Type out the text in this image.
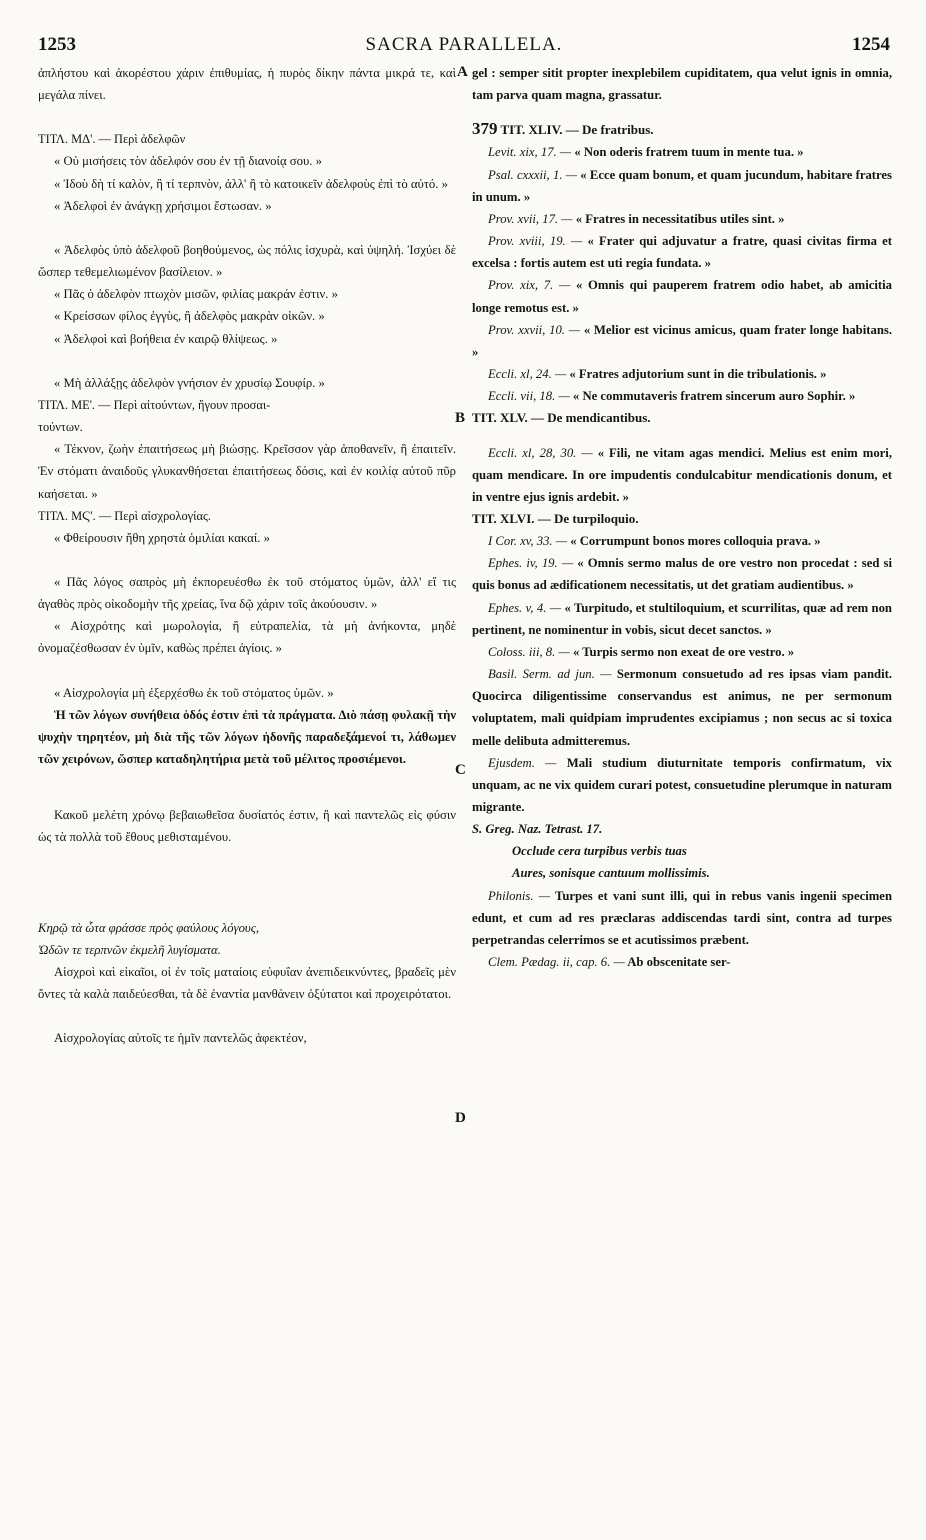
1253	SACRA PARALLELA.	1254
A
B
C
D

ἀπλήστου καὶ ἀκορέστου χάριν ἐπιθυμίας, ἡ πυρὸς δίκην πάντα μικρά τε, καὶ μεγάλα πίνει.

ΤΙΤΛ. ΜΔ'. — Περὶ ἀδελφῶν

« Οὐ μισήσεις τὸν ἀδελφόν σου ἐν τῇ διανοίᾳ σου. »

« Ἰδοὺ δὴ τί καλὸν, ἢ τί τερπνὸν, ἀλλ' ἢ τὸ κατοικεῖν ἀδελφοὺς ἐπὶ τὸ αὐτό. »

« Ἀδελφοὶ ἐν ἀνάγκῃ χρήσιμοι ἔστωσαν. »

« Ἀδελφὸς ὑπὸ ἀδελφοῦ βοηθούμενος, ὡς πόλις ἰσχυρὰ, καὶ ὑψηλή. Ἰσχύει δὲ ὥσπερ τεθεμελιωμένον βασίλειον. »

« Πᾶς ὁ ἀδελφὸν πτωχὸν μισῶν, φιλίας μακράν ἐστιν. »

« Κρείσσων φίλος ἐγγὺς, ἢ ἀδελφὸς μακρὰν οἰκῶν. »

« Ἀδελφοὶ καὶ βοήθεια ἐν καιρῷ θλίψεως. »

« Μὴ ἀλλάξῃς ἀδελφὸν γνήσιον ἐν χρυσίῳ Σουφίρ. »

ΤΙΤΛ. ΜΕ'. — Περὶ αἰτούντων, ἤγουν προσαι-
τούντων.

« Τέκνον, ζωὴν ἐπαιτήσεως μὴ βιώσῃς. Κρεῖσσον γὰρ ἀποθανεῖν, ἢ ἐπαιτεῖν. Ἐν στόματι ἀναιδοῦς γλυκανθήσεται ἐπαιτήσεως δόσις, καὶ ἐν κοιλίᾳ αὐτοῦ πῦρ καήσεται. »

ΤΙΤΛ. ΜϚ'. — Περὶ αἰσχρολογίας.

« Φθείρουσιν ἤθη χρηστὰ ὁμιλίαι κακαί. »

« Πᾶς λόγος σαπρὸς μὴ ἐκπορευέσθω ἐκ τοῦ στόματος ὑμῶν, ἀλλ' εἴ τις ἀγαθὸς πρὸς οἰκοδομὴν τῆς χρείας, ἵνα δῷ χάριν τοῖς ἀκούουσιν. »

« Αἰσχρότης καὶ μωρολογία, ἢ εὐτραπελία, τὰ μὴ ἀνήκοντα, μηδὲ ὀνομαζέσθωσαν ἐν ὑμῖν, καθὼς πρέπει ἁγίοις. »

« Αἰσχρολογία μὴ ἐξερχέσθω ἐκ τοῦ στόματος ὑμῶν. »

Ἡ τῶν λόγων συνήθεια ὁδός ἐστιν ἐπὶ τὰ πράγματα. Διὸ πάσῃ φυλακῇ τὴν ψυχὴν τηρητέον, μὴ διὰ τῆς τῶν λόγων ἡδονῆς παραδεξάμενοί τι, λάθωμεν τῶν χειρόνων, ὥσπερ καταδηλητήρια μετὰ τοῦ μέλιτος προσιέμενοι.

Κακοῦ μελέτη χρόνῳ βεβαιωθεῖσα δυσίατός ἐστιν, ἢ καὶ παντελῶς εἰς φύσιν ὡς τὰ πολλὰ τοῦ ἔθους μεθισταμένου.

Κηρῷ τὰ ὦτα φράσσε πρὸς φαύλους λόγους,
Ὠδῶν τε τερπνῶν ἐκμελῆ λυγίσματα.

Αἰσχροὶ καὶ εἰκαῖοι, οἱ ἐν τοῖς ματαίοις εὐφυΐαν ἀνεπιδεικνύντες, βραδεῖς μὲν ὄντες τὰ καλὰ παιδεύεσθαι, τὰ δὲ ἐναντία μανθάνειν ὀξύτατοι καὶ προχειρότατοι.

Αἰσχρολογίας αὐτοῖς τε ἡμῖν παντελῶς ἀφεκτέον,

gel : semper sitit propter inexplebilem cupiditatem, qua velut ignis in omnia, tam parva quam magna, grassatur.

379 TIT. XLIV. — De fratribus.

Levit. xix, 17. — « Non oderis fratrem tuum in mente tua. »

Psal. cxxxii, 1. — « Ecce quam bonum, et quam jucundum, habitare fratres in unum. »

Prov. xvii, 17. — « Fratres in necessitatibus utiles sint. »

Prov. xviii, 19. — « Frater qui adjuvatur a fratre, quasi civitas firma et excelsa : fortis autem est uti regia fundata. »

Prov. xix, 7. — « Omnis qui pauperem fratrem odio habet, ab amicitia longe remotus est. »

Prov. xxvii, 10. — « Melior est vicinus amicus, quam frater longe habitans. »

Eccli. xl, 24. — « Fratres adjutorium sunt in die tribulationis. »

Eccli. vii, 18. — « Ne commutaveris fratrem sincerum auro Sophir. »

TIT. XLV. — De mendicantibus.

Eccli. xl, 28, 30. — « Fili, ne vitam agas mendici. Melius est enim mori, quam mendicare. In ore impudentis condulcabitur mendicationis donum, et in ventre ejus ignis ardebit. »

TIT. XLVI. — De turpiloquio.

I Cor. xv, 33. — « Corrumpunt bonos mores colloquia prava. »

Ephes. iv, 19. — « Omnis sermo malus de ore vestro non procedat : sed si quis bonus ad ædificationem necessitatis, ut det gratiam audientibus. »

Ephes. v, 4. — « Turpitudo, et stultiloquium, et scurrilitas, quæ ad rem non pertinent, ne nominentur in vobis, sicut decet sanctos. »

Coloss. iii, 8. — « Turpis sermo non exeat de ore vestro. »

Basil. Serm. ad jun. — Sermonum consuetudo ad res ipsas viam pandit. Quocirca diligentissime conservandus est animus, ne per sermonum voluptatem, mali quidpiam imprudentes excipiamus ; non secus ac si toxica melle delibuta admitteremus.

Ejusdem. — Mali studium diuturnitate temporis confirmatum, vix unquam, ac ne vix quidem curari potest, consuetudine plerumque in naturam migrante.

S. Greg. Naz. Tetrast. 17.

Occlude cera turpibus verbis tuas
Aures, sonisque cantuum mollissimis.

Philonis. — Turpes et vani sunt illi, qui in rebus vanis ingenii specimen edunt, et cum ad res præclaras addiscendas tardi sint, contra ad turpes perpetrandas celerrimos se et acutissimos præbent.

Clem. Pædag. ii, cap. 6. — Ab obscenitate ser-
